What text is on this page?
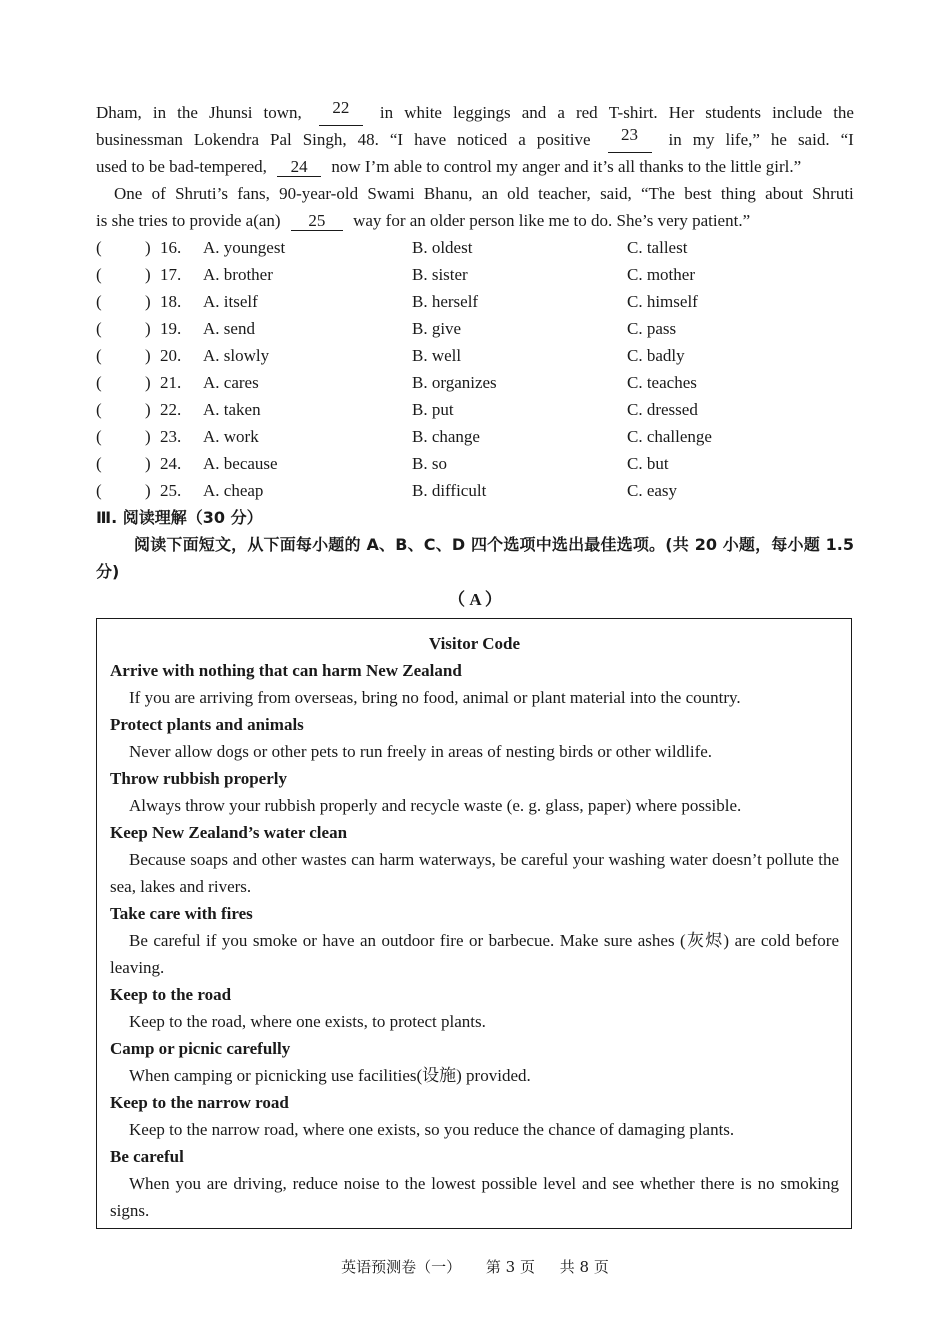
Dham, in the Jhunsi town,	22	in white leggings and a red T-shirt. Her students include the
businessman Lokendra Pal Singh, 48. “I have noticed a positive	23	in my life,” he said. “I
used to be bad-tempered, 24 now I’m able to control my anger and it’s all thanks to the little girl.”
One of Shruti’s fans, 90-year-old Swami Bhanu, an old teacher, said, “The best thing about Shruti
is she tries to provide a(an) 25 way for an older person like me to do. She’s very patient.”
(	) 16. A. youngest	B. oldest	C. tallest
(	) 17. A. brother	B. sister	C. mother
(	) 18. A. itself	B. herself	C. himself
(	) 19. A. send	B. give	C. pass
(	) 20. A. slowly	B. well	C. badly
(	) 21. A. cares	B. organizes	C. teaches
(	) 22. A. taken	B. put	C. dressed
(	) 23. A. work	B. change	C. challenge
(	) 24. A. because	B. so	C. but
(	) 25. A. cheap	B. difficult	C. easy
Ⅲ. 阅读理解（30 分）
阅读下面短文，从下面每小题的 A、B、C、D 四个选项中选出最佳选项。(共 20 小题，每小题 1.5 分)
（ A ）
Visitor Code
Arrive with nothing that can harm New Zealand
If you are arriving from overseas, bring no food, animal or plant material into the country.
Protect plants and animals
Never allow dogs or other pets to run freely in areas of nesting birds or other wildlife.
Throw rubbish properly
Always throw your rubbish properly and recycle waste (e. g. glass, paper) where possible.
Keep New Zealand’s water clean
Because soaps and other wastes can harm waterways, be careful your washing water doesn’t pollute the sea, lakes and rivers.
Take care with fires
Be careful if you smoke or have an outdoor fire or barbecue. Make sure ashes (灰烬) are cold before leaving.
Keep to the road
Keep to the road, where one exists, to protect plants.
Camp or picnic carefully
When camping or picnicking use facilities(设施) provided.
Keep to the narrow road
Keep to the narrow road, where one exists, so you reduce the chance of damaging plants.
Be careful
When you are driving, reduce noise to the lowest possible level and see whether there is no smoking signs.
英语预测卷（一） 第 3 页 共 8 页
